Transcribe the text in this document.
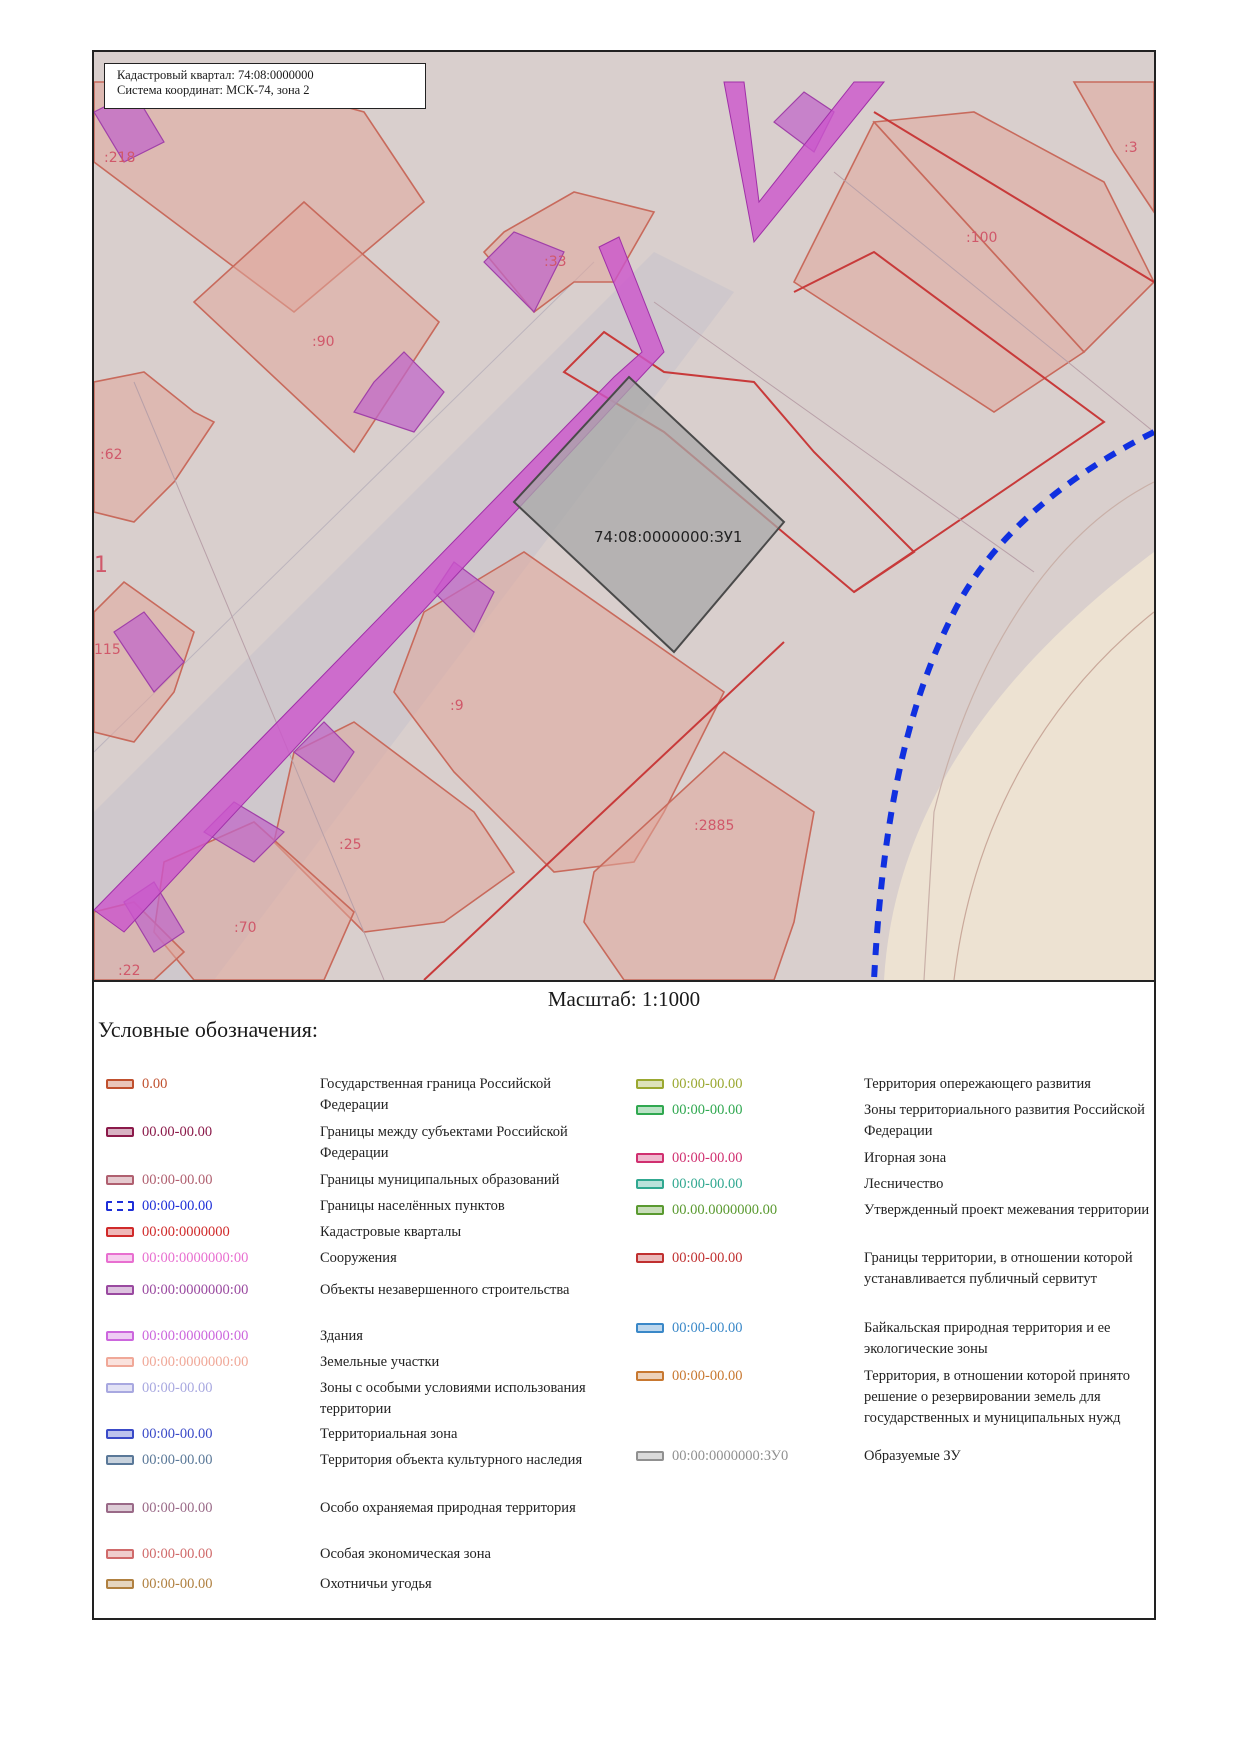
:218
:33
:90
:100
:3
:62
1
115
:9
:25
:2885
:70
:22
74:08:0000000:ЗУ1
Кадастровый квартал: 74:08:0000000
Система координат: МСК-74, зона 2
Масштаб: 1:1000
Условные обозначения:
0.00	Государственная граница Российской Федерации
00.00-00.00	Границы между субъектами Российской Федерации
00:00-00.00	Границы муниципальных образований
00:00-00.00	Границы населённых пунктов
00:00:0000000	Кадастровые кварталы
00:00:0000000:00	Сооружения
00:00:0000000:00	Объекты незавершенного строительства
00:00:0000000:00	Здания
00:00:0000000:00	Земельные участки
00:00-00.00	Зоны с особыми условиями использования территории
00:00-00.00	Территориальная зона
00:00-00.00	Территория объекта культурного наследия
00:00-00.00	Особо охраняемая природная территория
00:00-00.00	Особая экономическая зона
00:00-00.00	Охотничьи угодья
00:00-00.00	Территория опережающего развития
00:00-00.00	Зоны территориального развития Российской Федерации
00:00-00.00	Игорная зона
00:00-00.00	Лесничество
00.00.0000000.00	Утвержденный проект межевания территории
00:00-00.00	Границы территории, в отношении которой устанавливается публичный сервитут
00:00-00.00	Байкальская природная территория и ее экологические зоны
00:00-00.00	Территория, в отношении которой принято решение о резервировании земель для государственных и муниципальных нужд
00:00:0000000:ЗУ0	Образуемые ЗУ
